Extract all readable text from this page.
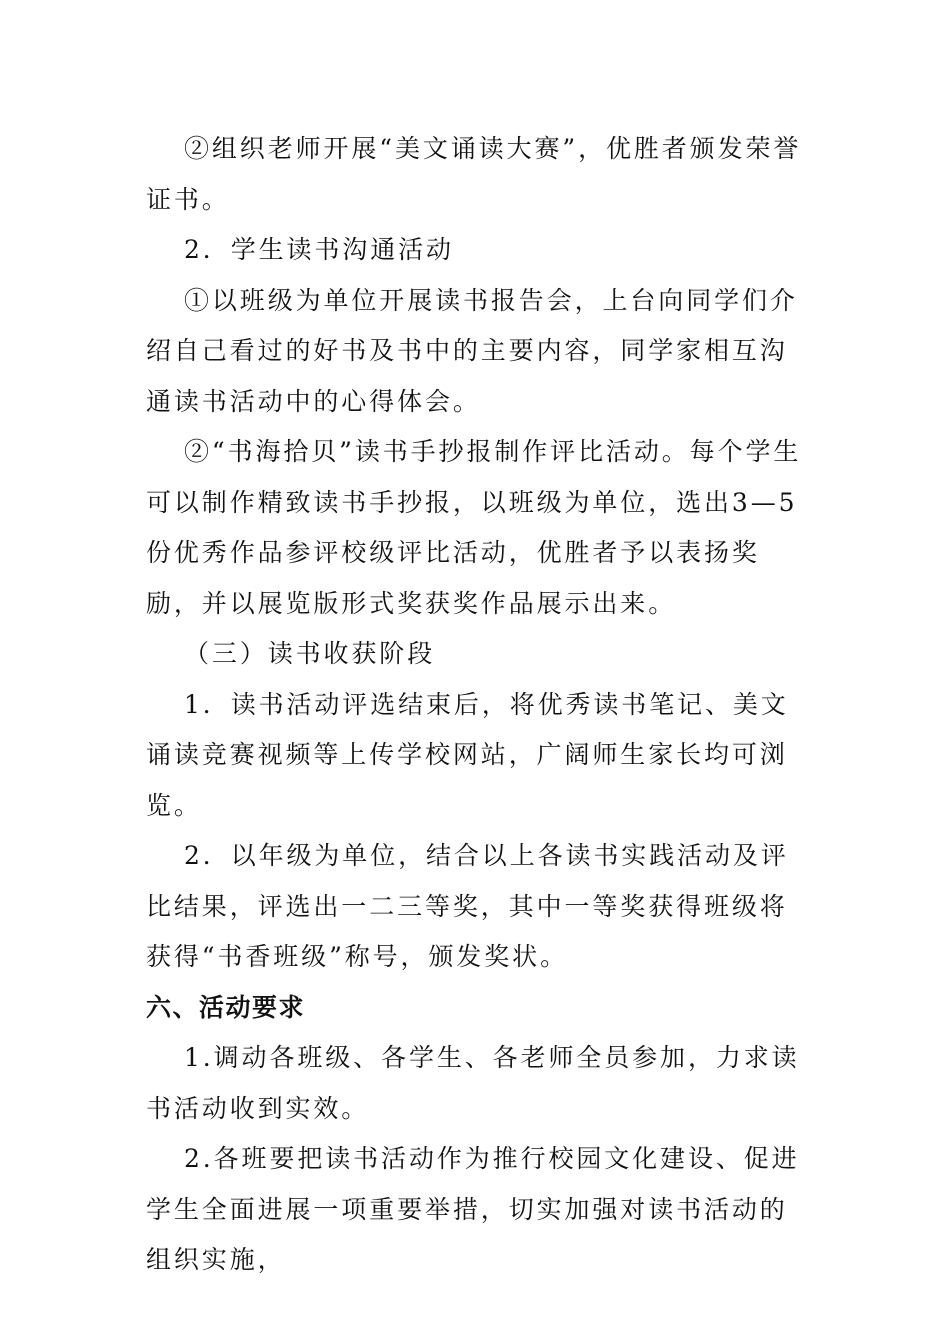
②组织老师开展“美文诵读大赛”，优胜者颁发荣誉证书。

2．学生读书沟通活动

①以班级为单位开展读书报告会，上台向同学们介绍自己看过的好书及书中的主要内容，同学家相互沟通读书活动中的心得体会。

②“书海拾贝”读书手抄报制作评比活动。每个学生可以制作精致读书手抄报，以班级为单位，选出3—5份优秀作品参评校级评比活动，优胜者予以表扬奖励，并以展览版形式奖获奖作品展示出来。

（三）读书收获阶段

1．读书活动评选结束后，将优秀读书笔记、美文诵读竞赛视频等上传学校网站，广阔师生家长均可浏览。

2．以年级为单位，结合以上各读书实践活动及评比结果，评选出一二三等奖，其中一等奖获得班级将获得“书香班级”称号，颁发奖状。

六、活动要求

1.调动各班级、各学生、各老师全员参加，力求读书活动收到实效。

2.各班要把读书活动作为推行校园文化建设、促进学生全面进展一项重要举措，切实加强对读书活动的组织实施，
